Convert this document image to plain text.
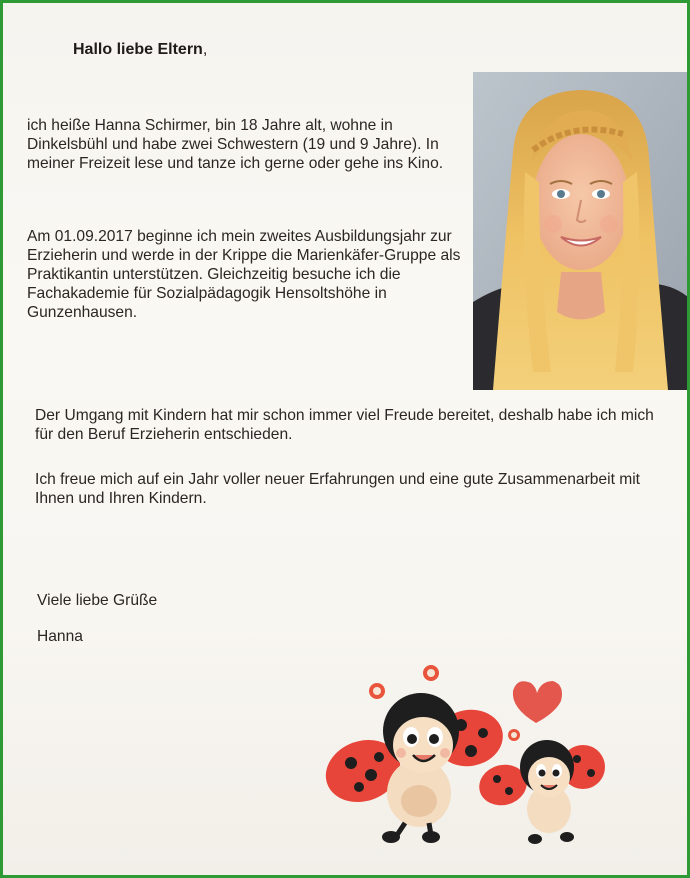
Hallo liebe Eltern,

ich heiße Hanna Schirmer, bin 18 Jahre alt, wohne in Dinkelsbühl und habe zwei Schwestern (19 und 9 Jahre). In meiner Freizeit lese und tanze ich gerne oder gehe ins Kino.

Am 01.09.2017 beginne ich mein zweites Ausbildungsjahr zur Erzieherin und werde in der Krippe die Marienkäfer-Gruppe als Praktikantin unterstützen. Gleichzeitig besuche ich die Fachakademie für Sozialpädagogik Hensoltshöhe in Gunzenhausen.

Der Umgang mit Kindern hat mir schon immer viel Freude bereitet, deshalb habe ich mich für den Beruf Erzieherin entschieden.

Ich freue mich auf ein Jahr voller neuer Erfahrungen und eine gute Zusammenarbeit mit Ihnen und Ihren Kindern.

Viele liebe Grüße

Hanna
